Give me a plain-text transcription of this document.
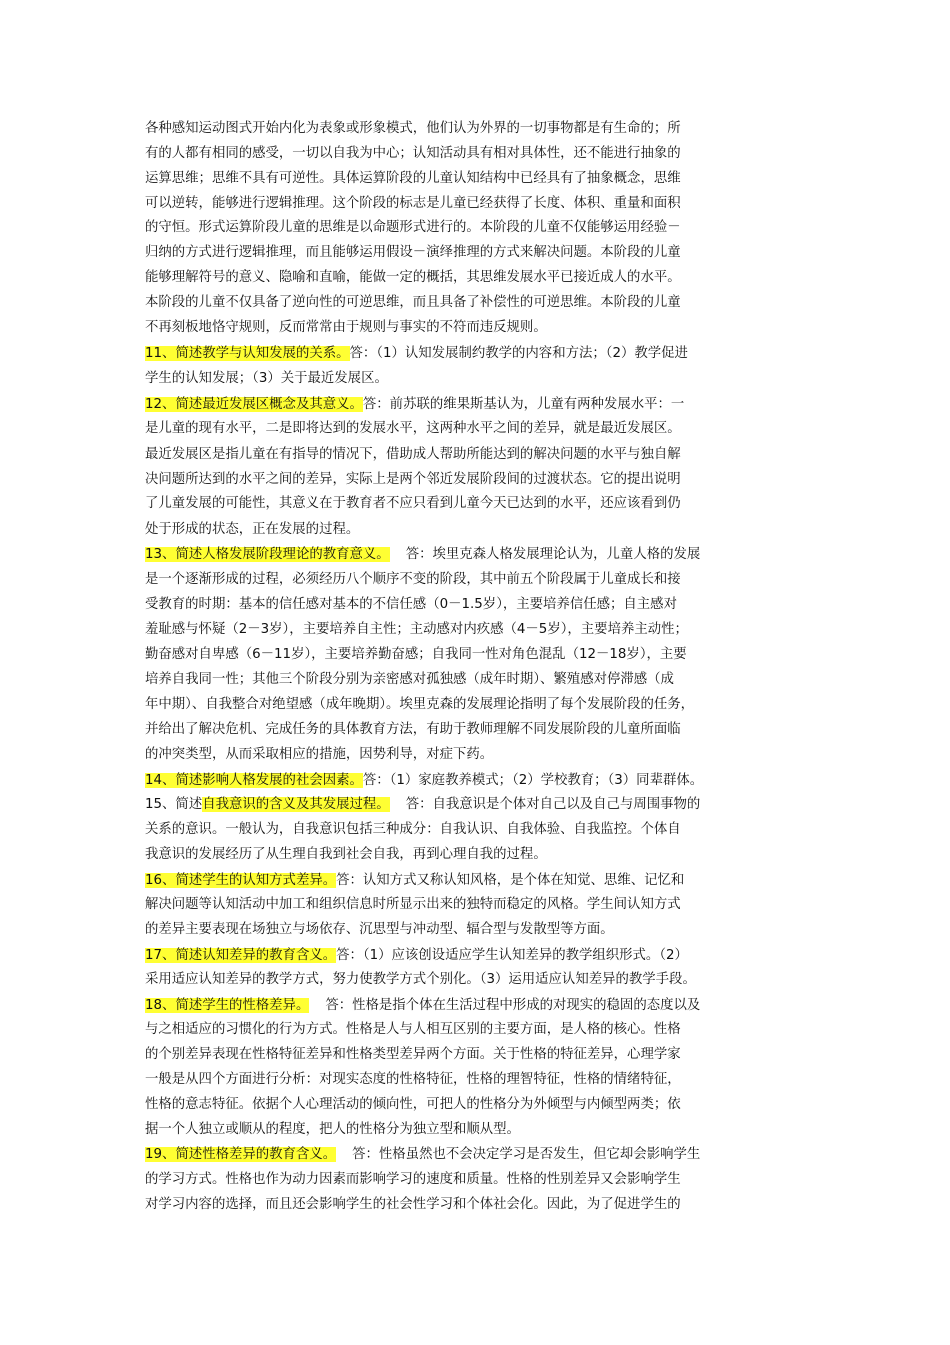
各种感知运动图式开始内化为表象或形象模式，他们认为外界的一切事物都是有生命的；所
有的人都有相同的感受，一切以自我为中心；认知活动具有相对具体性，还不能进行抽象的
运算思维；思维不具有可逆性。具体运算阶段的儿童认知结构中已经具有了抽象概念，思维
可以逆转，能够进行逻辑推理。这个阶段的标志是儿童已经获得了长度、体积、重量和面积
的守恒。形式运算阶段儿童的思维是以命题形式进行的。本阶段的儿童不仅能够运用经验－
归纳的方式进行逻辑推理，而且能够运用假设－演绎推理的方式来解决问题。本阶段的儿童
能够理解符号的意义、隐喻和直喻，能做一定的概括，其思维发展水平已接近成人的水平。
本阶段的儿童不仅具备了逆向性的可逆思维，而且具备了补偿性的可逆思维。本阶段的儿童
不再刻板地恪守规则，反而常常由于规则与事实的不符而违反规则。
11、简述教学与认知发展的关系。答：（1）认知发展制约教学的内容和方法；（2）教学促进
学生的认知发展；（3）关于最近发展区。
12、简述最近发展区概念及其意义。答：前苏联的维果斯基认为，儿童有两种发展水平：一
是儿童的现有水平，二是即将达到的发展水平，这两种水平之间的差异，就是最近发展区。
最近发展区是指儿童在有指导的情况下，借助成人帮助所能达到的解决问题的水平与独自解
决问题所达到的水平之间的差异，实际上是两个邻近发展阶段间的过渡状态。它的提出说明
了儿童发展的可能性，其意义在于教育者不应只看到儿童今天已达到的水平，还应该看到仍
处于形成的状态，正在发展的过程。
13、简述人格发展阶段理论的教育意义。 答：埃里克森人格发展理论认为，儿童人格的发展
是一个逐渐形成的过程，必须经历八个顺序不变的阶段，其中前五个阶段属于儿童成长和接
受教育的时期：基本的信任感对基本的不信任感（0－1.5岁），主要培养信任感；自主感对
羞耻感与怀疑（2－3岁），主要培养自主性；主动感对内疚感（4－5岁），主要培养主动性；
勤奋感对自卑感（6－11岁），主要培养勤奋感；自我同一性对角色混乱（12－18岁），主要
培养自我同一性；其他三个阶段分别为亲密感对孤独感（成年时期）、繁殖感对停滞感（成
年中期）、自我整合对绝望感（成年晚期）。埃里克森的发展理论指明了每个发展阶段的任务，
并给出了解决危机、完成任务的具体教育方法，有助于教师理解不同发展阶段的儿童所面临
的冲突类型，从而采取相应的措施，因势利导，对症下药。
14、简述影响人格发展的社会因素。答：（1）家庭教养模式；（2）学校教育；（3）同辈群体。
15、简述自我意识的含义及其发展过程。 答：自我意识是个体对自己以及自己与周围事物的
关系的意识。一般认为，自我意识包括三种成分：自我认识、自我体验、自我监控。个体自
我意识的发展经历了从生理自我到社会自我，再到心理自我的过程。
16、简述学生的认知方式差异。答：认知方式又称认知风格，是个体在知觉、思维、记忆和
解决问题等认知活动中加工和组织信息时所显示出来的独特而稳定的风格。学生间认知方式
的差异主要表现在场独立与场依存、沉思型与冲动型、辐合型与发散型等方面。
17、简述认知差异的教育含义。答：（1）应该创设适应学生认知差异的教学组织形式。（2）
采用适应认知差异的教学方式，努力使教学方式个别化。（3）运用适应认知差异的教学手段。
18、简述学生的性格差异。 答：性格是指个体在生活过程中形成的对现实的稳固的态度以及
与之相适应的习惯化的行为方式。性格是人与人相互区别的主要方面，是人格的核心。性格
的个别差异表现在性格特征差异和性格类型差异两个方面。关于性格的特征差异，心理学家
一般是从四个方面进行分析：对现实态度的性格特征，性格的理智特征，性格的情绪特征，
性格的意志特征。依据个人心理活动的倾向性，可把人的性格分为外倾型与内倾型两类；依
据一个人独立或顺从的程度，把人的性格分为独立型和顺从型。
19、简述性格差异的教育含义。 答：性格虽然也不会决定学习是否发生，但它却会影响学生
的学习方式。性格也作为动力因素而影响学习的速度和质量。性格的性别差异又会影响学生
对学习内容的选择，而且还会影响学生的社会性学习和个体社会化。因此，为了促进学生的
